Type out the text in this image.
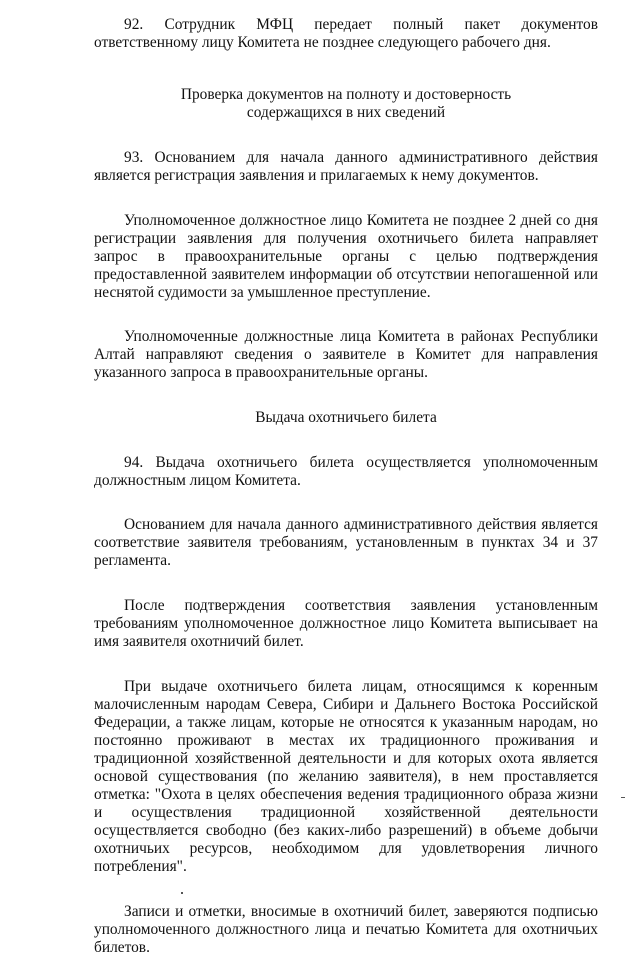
92. Сотрудник МФЦ передает полный пакет документов ответственному лицу Комитета не позднее следующего рабочего дня.

Проверка документов на полноту и достоверность

содержащихся в них сведений

93. Основанием для начала данного административного действия является регистрация заявления и прилагаемых к нему документов.

Уполномоченное должностное лицо Комитета не позднее 2 дней со дня регистрации заявления для получения охотничьего билета направляет запрос в правоохранительные органы с целью подтверждения предоставленной заявителем информации об отсутствии непогашенной или неснятой судимости за умышленное преступление.

Уполномоченные должностные лица Комитета в районах Республики Алтай направляют сведения о заявителе в Комитет для направления указанного запроса в правоохранительные органы.

Выдача охотничьего билета

94. Выдача охотничьего билета осуществляется уполномоченным должностным лицом Комитета.

Основанием для начала данного административного действия является соответствие заявителя требованиям, установленным в пунктах 34 и 37 регламента.

После подтверждения соответствия заявления установленным требованиям уполномоченное должностное лицо Комитета выписывает на имя заявителя охотничий билет.

При выдаче охотничьего билета лицам, относящимся к коренным малочисленным народам Севера, Сибири и Дальнего Востока Российской Федерации, а также лицам, которые не относятся к указанным народам, но постоянно проживают в местах их традиционного проживания и традиционной хозяйственной деятельности и для которых охота является основой существования (по желанию заявителя), в нем проставляется отметка: "Охота в целях обеспечения ведения традиционного образа жизни и осуществления традиционной хозяйственной деятельности осуществляется свободно (без каких-либо разрешений) в объеме добычи охотничьих ресурсов, необходимом для удовлетворения личного потребления".

Записи и отметки, вносимые в охотничий билет, заверяются подписью уполномоченного должностного лица и печатью Комитета для охотничьих билетов.
